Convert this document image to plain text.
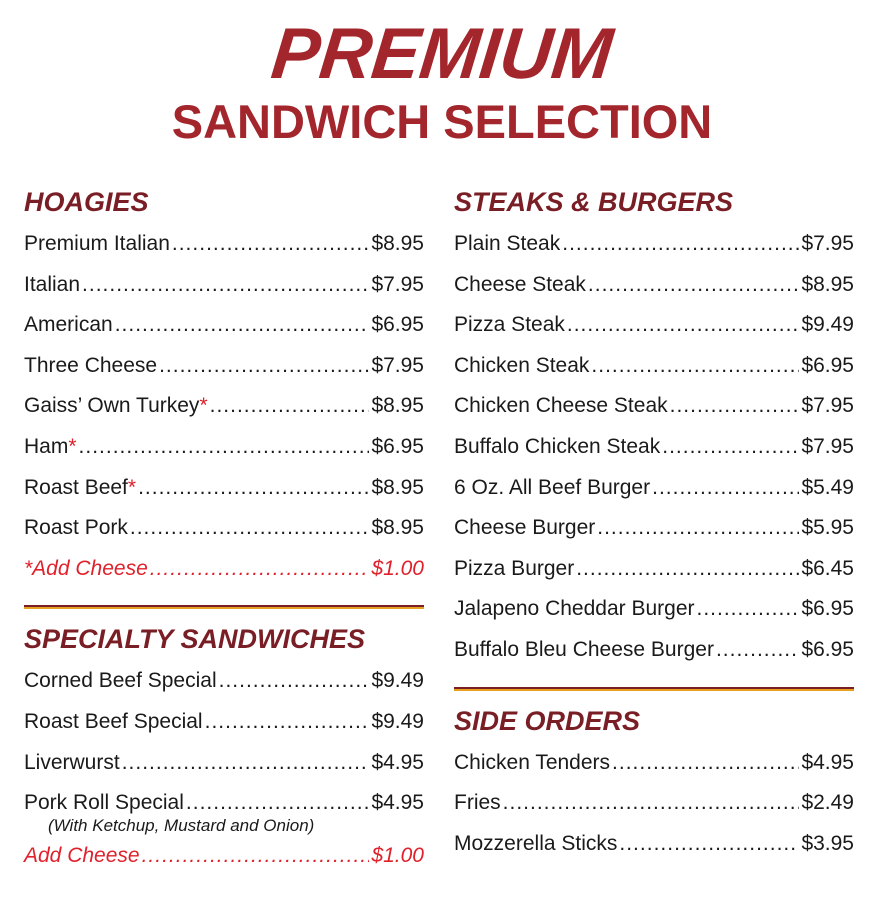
PREMIUM
SANDWICH SELECTION
HOAGIES
Premium Italian .....	$8.95
Italian .....	$7.95
American .....	$6.95
Three Cheese .....	$7.95
Gaiss’ Own Turkey* .....	$8.95
Ham* .....	$6.95
Roast Beef* .....	$8.95
Roast Pork .....	$8.95
*Add Cheese .....	$1.00
SPECIALTY SANDWICHES
Corned Beef Special .....	$9.49
Roast Beef Special .....	$9.49
Liverwurst .....	$4.95
Pork Roll Special .....	$4.95
(With Ketchup, Mustard and Onion)
Add Cheese .....	$1.00
STEAKS & BURGERS
Plain Steak .....	$7.95
Cheese Steak .....	$8.95
Pizza Steak .....	$9.49
Chicken Steak .....	$6.95
Chicken Cheese Steak .....	$7.95
Buffalo Chicken Steak .....	$7.95
6 Oz. All Beef Burger .....	$5.49
Cheese Burger .....	$5.95
Pizza Burger .....	$6.45
Jalapeno Cheddar Burger .....	$6.95
Buffalo Bleu Cheese Burger .....	$6.95
SIDE ORDERS
Chicken Tenders .....	$4.95
Fries .....	$2.49
Mozzerella Sticks .....	$3.95
